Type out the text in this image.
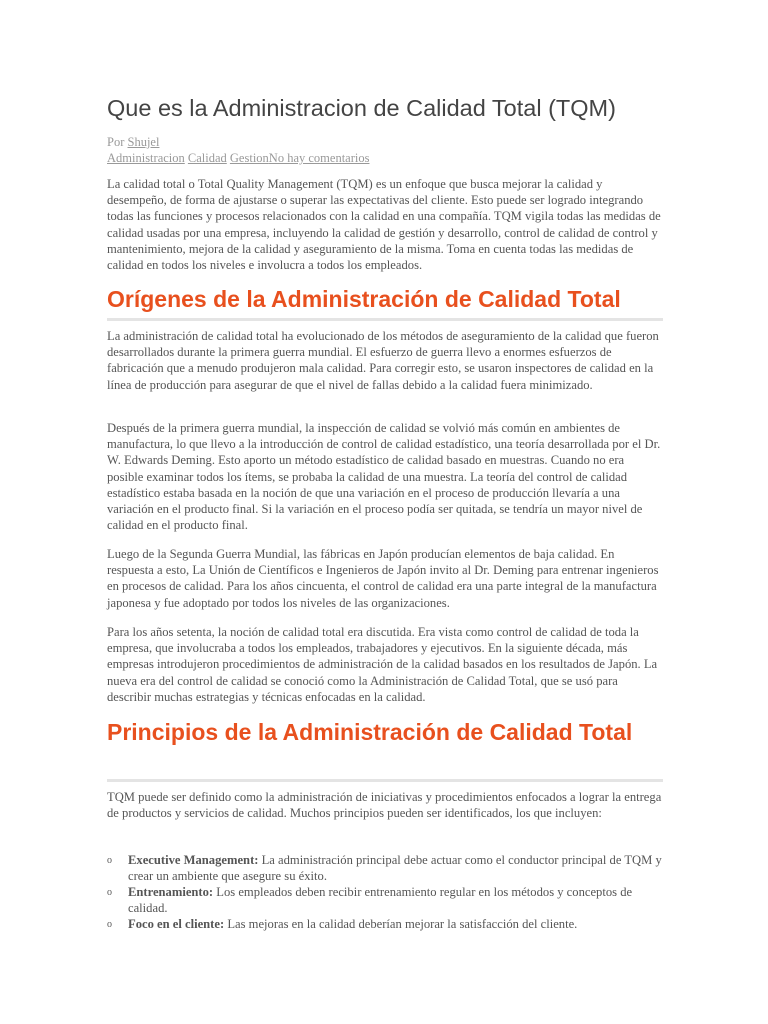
Que es la Administracion de Calidad Total (TQM)
Por Shujel
Administracion Calidad GestionNo hay comentarios

La calidad total o Total Quality Management (TQM) es un enfoque que busca mejorar la calidad y desempeño, de forma de ajustarse o superar las expectativas del cliente. Esto puede ser logrado integrando todas las funciones y procesos relacionados con la calidad en una compañía. TQM vigila todas las medidas de calidad usadas por una empresa, incluyendo la calidad de gestión y desarrollo, control de calidad de control y mantenimiento, mejora de la calidad y aseguramiento de la misma. Toma en cuenta todas las medidas de calidad en todos los niveles e involucra a todos los empleados.

Orígenes de la Administración de Calidad Total

La administración de calidad total ha evolucionado de los métodos de aseguramiento de la calidad que fueron desarrollados durante la primera guerra mundial. El esfuerzo de guerra llevo a enormes esfuerzos de fabricación que a menudo produjeron mala calidad. Para corregir esto, se usaron inspectores de calidad en la línea de producción para asegurar de que el nivel de fallas debido a la calidad fuera minimizado.

Después de la primera guerra mundial, la inspección de calidad se volvió más común en ambientes de manufactura, lo que llevo a la introducción de control de calidad estadístico, una teoría desarrollada por el Dr. W. Edwards Deming. Esto aporto un método estadístico de calidad basado en muestras. Cuando no era posible examinar todos los ítems, se probaba la calidad de una muestra. La teoría del control de calidad estadístico estaba basada en la noción de que una variación en el proceso de producción llevaría a una variación en el producto final. Si la variación en el proceso podía ser quitada, se tendría un mayor nivel de calidad en el producto final.

Luego de la Segunda Guerra Mundial, las fábricas en Japón producían elementos de baja calidad. En respuesta a esto, La Unión de Científicos e Ingenieros de Japón invito al Dr. Deming para entrenar ingenieros en procesos de calidad. Para los años cincuenta, el control de calidad era una parte integral de la manufactura japonesa y fue adoptado por todos los niveles de las organizaciones.

Para los años setenta, la noción de calidad total era discutida. Era vista como control de calidad de toda la empresa, que involucraba a todos los empleados, trabajadores y ejecutivos. En la siguiente década, más empresas introdujeron procedimientos de administración de la calidad basados en los resultados de Japón. La nueva era del control de calidad se conoció como la Administración de Calidad Total, que se usó para describir muchas estrategias y técnicas enfocadas en la calidad.

Principios de la Administración de Calidad Total

TQM puede ser definido como la administración de iniciativas y procedimientos enfocados a lograr la entrega de productos y servicios de calidad. Muchos principios pueden ser identificados, los que incluyen:

o Executive Management: La administración principal debe actuar como el conductor principal de TQM y crear un ambiente que asegure su éxito.
o Entrenamiento: Los empleados deben recibir entrenamiento regular en los métodos y conceptos de calidad.
o Foco en el cliente: Las mejoras en la calidad deberían mejorar la satisfacción del cliente.
